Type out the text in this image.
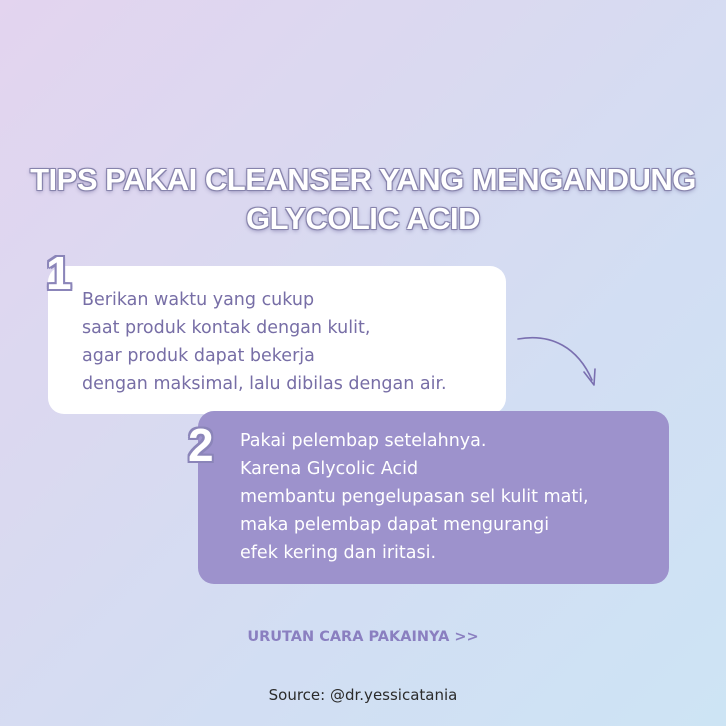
TIPS PAKAI CLEANSER YANG MENGANDUNG
GLYCOLIC ACID
Berikan waktu yang cukup
saat produk kontak dengan kulit,
agar produk dapat bekerja
dengan maksimal, lalu dibilas dengan air.
1
Pakai pelembap setelahnya.
Karena Glycolic Acid
membantu pengelupasan sel kulit mati,
maka pelembap dapat mengurangi
efek kering dan iritasi.
2
URUTAN CARA PAKAINYA >>
Source: @dr.yessicatania
